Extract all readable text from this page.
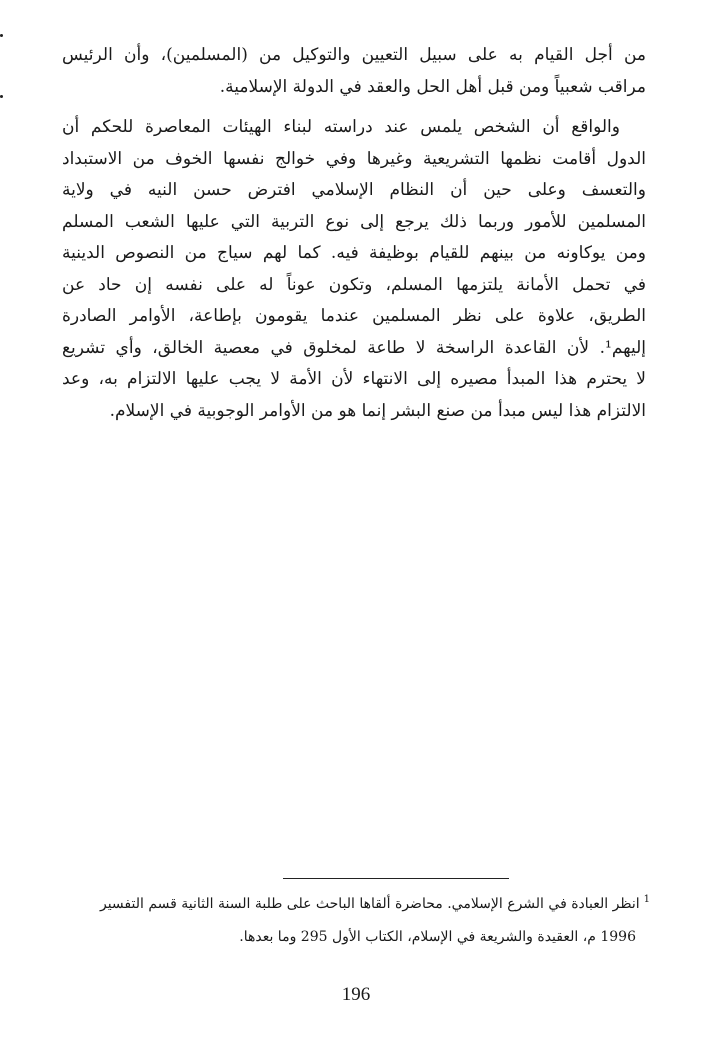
من أجل القيام به على سبيل التعيين والتوكيل من (المسلمين)، وأن الرئيس
مراقب شعبياً ومن قبل أهل الحل والعقد في الدولة الإسلامية.

والواقع أن الشخص يلمس عند دراسته لبناء الهيئات المعاصرة للحكم أن
الدول أقامت نظمها التشريعية وغيرها وفي خوالج نفسها الخوف من الاستبداد
والتعسف وعلى حين أن النظام الإسلامي افترض حسن النيه في ولاية
المسلمين للأمور وربما ذلك يرجع إلى نوع التربية التي عليها الشعب المسلم
ومن يوكاونه من بينهم للقيام بوظيفة فيه. كما لهم سياج من النصوص الدينية
في تحمل الأمانة يلتزمها المسلم، وتكون عوناً له على نفسه إن حاد عن
الطريق، علاوة على نظر المسلمين عندما يقومون بإطاعة، الأوامر الصادرة
إليهم¹. لأن القاعدة الراسخة لا طاعة لمخلوق في معصية الخالق، وأي تشريع
لا يحترم هذا المبدأ مصيره إلى الانتهاء لأن الأمة لا يجب عليها الالتزام به، وعد
الالتزام هذا ليس مبدأ من صنع البشر إنما هو من الأوامر الوجوبية في الإسلام.

$^1$انظر العبادة في الشرع الإسلامي. محاضرة ألقاها الباحث على طلبة السنة الثانية قسم التفسير
1996 م، العقيدة والشريعة في الإسلام، الكتاب الأول 295 وما بعدها.
196
